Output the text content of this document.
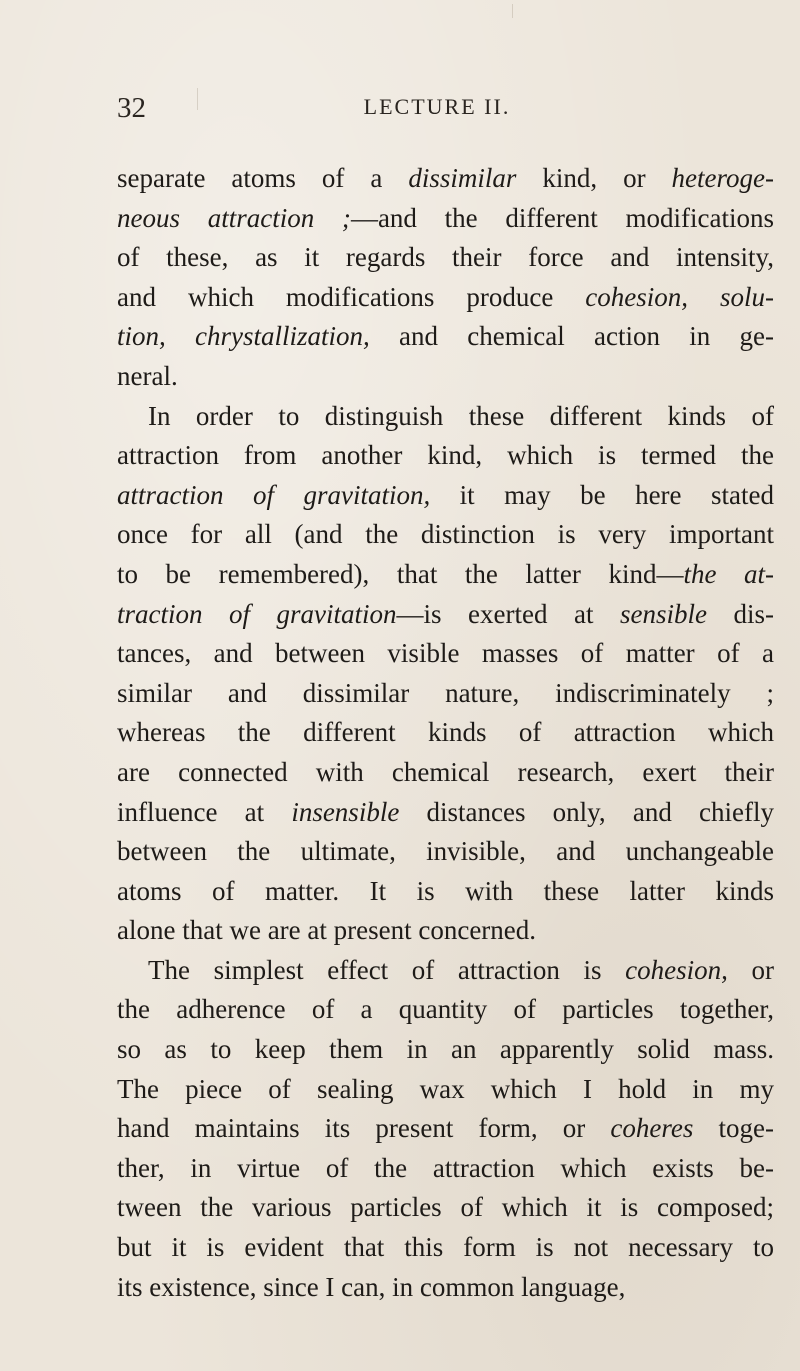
32	LECTURE II.
separate atoms of a dissimilar kind, or heteroge-
neous attraction ;—and the different modifications
of these, as it regards their force and intensity,
and which modifications produce cohesion, solu-
tion, chrystallization, and chemical action in ge-
neral.
In order to distinguish these different kinds of
attraction from another kind, which is termed the
attraction of gravitation, it may be here stated
once for all (and the distinction is very important
to be remembered), that the latter kind—the at-
traction of gravitation—is exerted at sensible dis-
tances, and between visible masses of matter of a
similar and dissimilar nature, indiscriminately ;
whereas the different kinds of attraction which
are connected with chemical research, exert their
influence at insensible distances only, and chiefly
between the ultimate, invisible, and unchangeable
atoms of matter. It is with these latter kinds
alone that we are at present concerned.
The simplest effect of attraction is cohesion, or
the adherence of a quantity of particles together,
so as to keep them in an apparently solid mass.
The piece of sealing wax which I hold in my
hand maintains its present form, or coheres toge-
ther, in virtue of the attraction which exists be-
tween the various particles of which it is composed;
but it is evident that this form is not necessary to
its existence, since I can, in common language,
